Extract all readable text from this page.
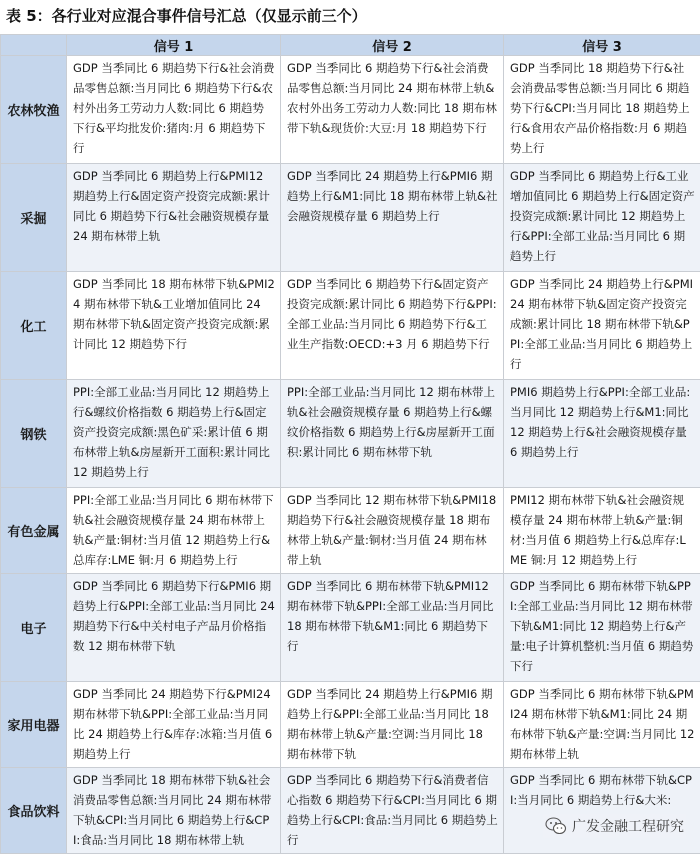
表 5：各行业对应混合事件信号汇总（仅显示前三个）
	信号 1	信号 2	信号 3
农林牧渔	GDP 当季同比 6 期趋势下行&社会消费品零售总额:当月同比 6 期趋势下行&农村外出务工劳动力人数:同比 6 期趋势下行&平均批发价:猪肉:月 6 期趋势下行	GDP 当季同比 6 期趋势下行&社会消费品零售总额:当月同比 24 期布林带上轨&农村外出务工劳动力人数:同比 18 期布林带下轨&现货价:大豆:月 18 期趋势下行	GDP 当季同比 18 期趋势下行&社会消费品零售总额:当月同比 6 期趋势下行&CPI:当月同比 18 期趋势上行&食用农产品价格指数:月 6 期趋势上行
采掘	GDP 当季同比 6 期趋势上行&PMI12 期趋势上行&固定资产投资完成额:累计同比 6 期趋势下行&社会融资规模存量 24 期布林带上轨	GDP 当季同比 24 期趋势上行&PMI6 期趋势上行&M1:同比 18 期布林带上轨&社会融资规模存量 6 期趋势上行	GDP 当季同比 6 期趋势上行&工业增加值同比 6 期趋势上行&固定资产投资完成额:累计同比 12 期趋势上行&PPI:全部工业品:当月同比 6 期趋势上行
化工	GDP 当季同比 18 期布林带下轨&PMI24 期布林带下轨&工业增加值同比 24 期布林带下轨&固定资产投资完成额:累计同比 12 期趋势下行	GDP 当季同比 6 期趋势下行&固定资产投资完成额:累计同比 6 期趋势下行&PPI:全部工业品:当月同比 6 期趋势下行&工业生产指数:OECD:+3 月 6 期趋势下行	GDP 当季同比 24 期趋势上行&PMI24 期布林带下轨&固定资产投资完成额:累计同比 18 期布林带下轨&PPI:全部工业品:当月同比 6 期趋势上行
钢铁	PPI:全部工业品:当月同比 12 期趋势上行&螺纹价格指数 6 期趋势上行&固定资产投资完成额:黑色矿采:累计值 6 期布林带上轨&房屋新开工面积:累计同比 12 期趋势上行	PPI:全部工业品:当月同比 12 期布林带上轨&社会融资规模存量 6 期趋势上行&螺纹价格指数 6 期趋势上行&房屋新开工面积:累计同比 6 期布林带下轨	PMI6 期趋势上行&PPI:全部工业品:当月同比 12 期趋势上行&M1:同比 12 期趋势上行&社会融资规模存量 6 期趋势上行
有色金属	PPI:全部工业品:当月同比 6 期布林带下轨&社会融资规模存量 24 期布林带上轨&产量:铜材:当月值 12 期趋势上行&总库存:LME 铜:月 6 期趋势上行	GDP 当季同比 12 期布林带下轨&PMI18 期趋势下行&社会融资规模存量 18 期布林带上轨&产量:铜材:当月值 24 期布林带上轨	PMI12 期布林带下轨&社会融资规模存量 24 期布林带上轨&产量:铜材:当月值 6 期趋势上行&总库存:LME 铜:月 12 期趋势上行
电子	GDP 当季同比 6 期趋势下行&PMI6 期趋势上行&PPI:全部工业品:当月同比 24 期趋势下行&中关村电子产品月价格指数 12 期布林带下轨	GDP 当季同比 6 期布林带下轨&PMI12 期布林带下轨&PPI:全部工业品:当月同比 18 期布林带下轨&M1:同比 6 期趋势下行	GDP 当季同比 6 期布林带下轨&PPI:全部工业品:当月同比 12 期布林带下轨&M1:同比 12 期趋势上行&产量:电子计算机整机:当月值 6 期趋势下行
家用电器	GDP 当季同比 24 期趋势下行&PMI24 期布林带下轨&PPI:全部工业品:当月同比 24 期趋势上行&库存:冰箱:当月值 6 期趋势上行	GDP 当季同比 24 期趋势上行&PMI6 期趋势上行&PPI:全部工业品:当月同比 18 期布林带上轨&产量:空调:当月同比 18 期布林带下轨	GDP 当季同比 6 期布林带下轨&PMI24 期布林带下轨&M1:同比 24 期布林带下轨&产量:空调:当月同比 12 期布林带上轨
食品饮料	GDP 当季同比 18 期布林带下轨&社会消费品零售总额:当月同比 24 期布林带下轨&CPI:当月同比 6 期趋势上行&CPI:食品:当月同比 18 期布林带上轨	GDP 当季同比 6 期趋势下行&消费者信心指数 6 期趋势下行&CPI:当月同比 6 期趋势上行&CPI:食品:当月同比 6 期趋势上行	GDP 当季同比 6 期布林带下轨&CPI:当月同比 6 期趋势上行&大米:
广发金融工程研究
